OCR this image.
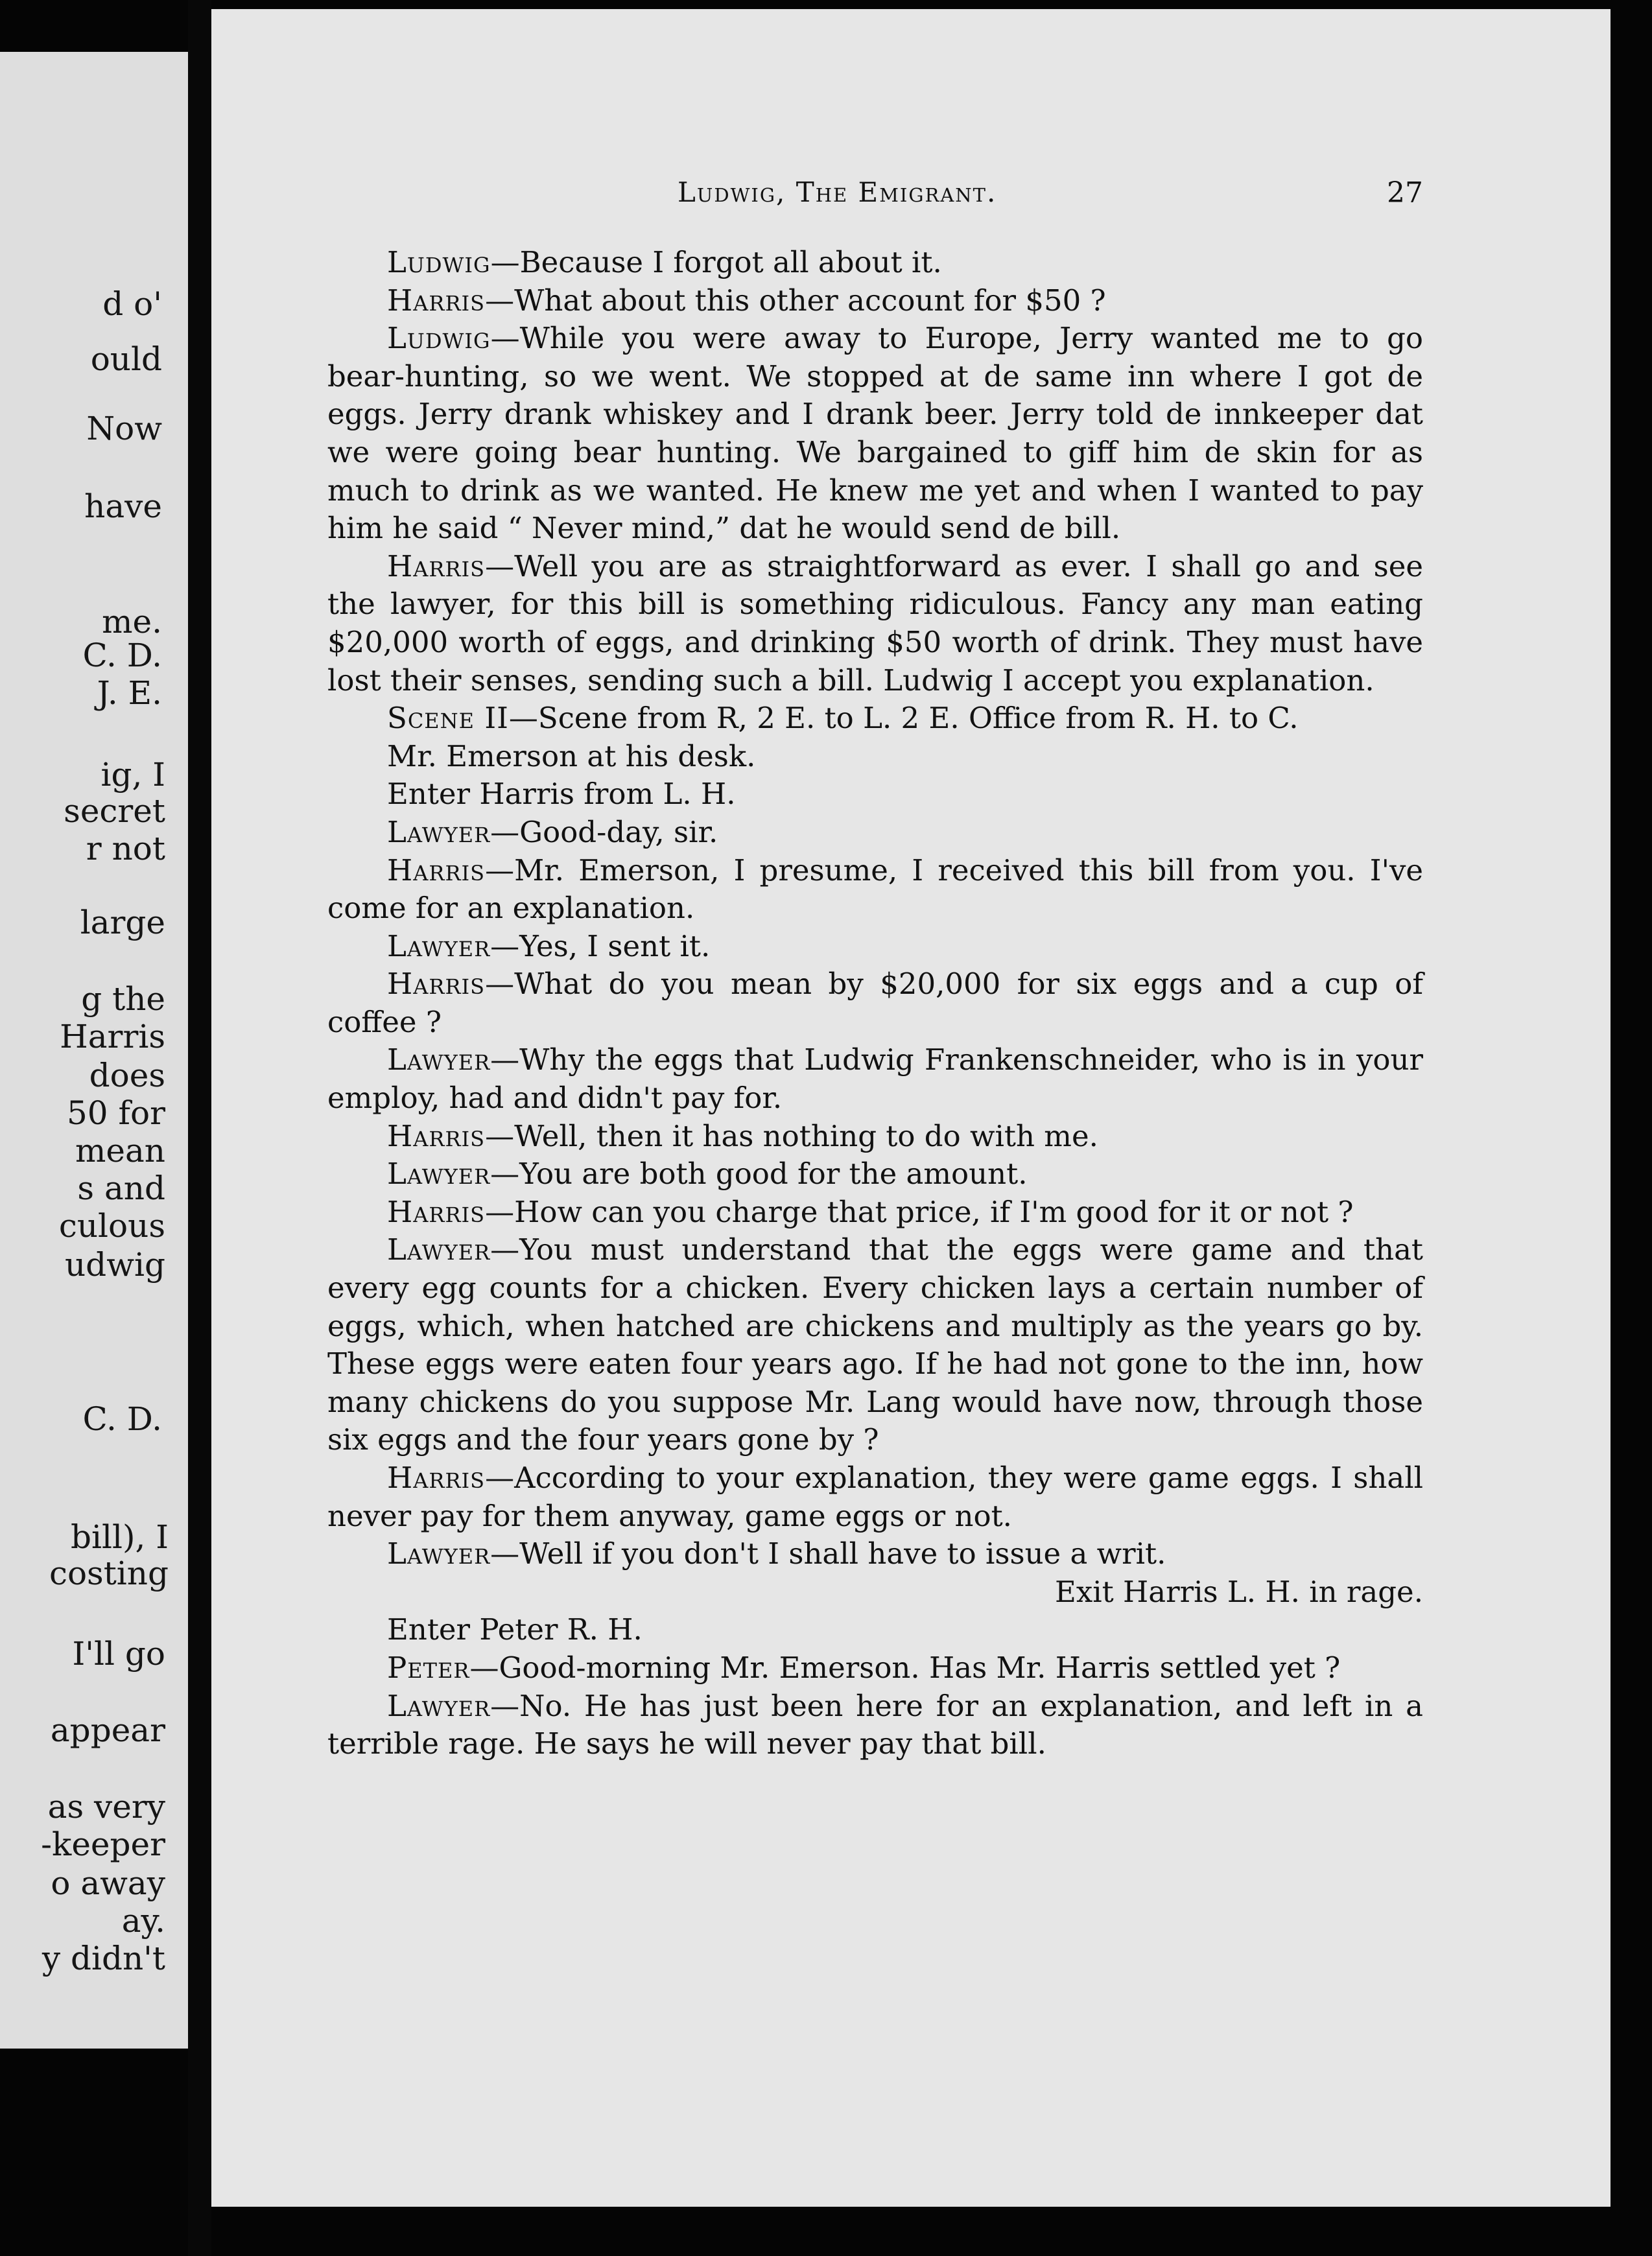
d o'
ould
Now
have
me.
C. D.
J. E.
ig, I
secret
r not
large
g the
Harris
does
50 for
mean
s and
culous
udwig
C. D.
bill), I
costing
I'll go
appear
as very
-keeper
o away
ay.
y didn't
Ludwig, The Emigrant.	27

Ludwig—Because I forgot all about it.

Harris—What about this other account for $50 ?

Ludwig—While you were away to Europe, Jerry wanted me to go bear-hunting, so we went. We stopped at de same inn where I got de eggs. Jerry drank whiskey and I drank beer. Jerry told de innkeeper dat we were going bear hunting. We bargained to giff him de skin for as much to drink as we wanted. He knew me yet and when I wanted to pay him he said “ Never mind,” dat he would send de bill.

Harris—Well you are as straightforward as ever. I shall go and see the lawyer, for this bill is something ridiculous. Fancy any man eating $20,000 worth of eggs, and drinking $50 worth of drink. They must have lost their senses, sending such a bill. Ludwig I accept you explanation.

Scene II—Scene from R, 2 E. to L. 2 E. Office from R. H. to C.

Mr. Emerson at his desk.

Enter Harris from L. H.

Lawyer—Good-day, sir.

Harris—Mr. Emerson, I presume, I received this bill from you. I've come for an explanation.

Lawyer—Yes, I sent it.

Harris—What do you mean by $20,000 for six eggs and a cup of coffee ?

Lawyer—Why the eggs that Ludwig Frankenschneider, who is in your employ, had and didn't pay for.

Harris—Well, then it has nothing to do with me.

Lawyer—You are both good for the amount.

Harris—How can you charge that price, if I'm good for it or not ?

Lawyer—You must understand that the eggs were game and that every egg counts for a chicken. Every chicken lays a certain number of eggs, which, when hatched are chickens and multiply as the years go by. These eggs were eaten four years ago. If he had not gone to the inn, how many chickens do you suppose Mr. Lang would have now, through those six eggs and the four years gone by ?

Harris—According to your explanation, they were game eggs. I shall never pay for them anyway, game eggs or not.

Lawyer—Well if you don't I shall have to issue a writ.

Exit Harris L. H. in rage.

Enter Peter R. H.

Peter—Good-morning Mr. Emerson. Has Mr. Harris settled yet ?

Lawyer—No. He has just been here for an explanation, and left in a terrible rage. He says he will never pay that bill.
